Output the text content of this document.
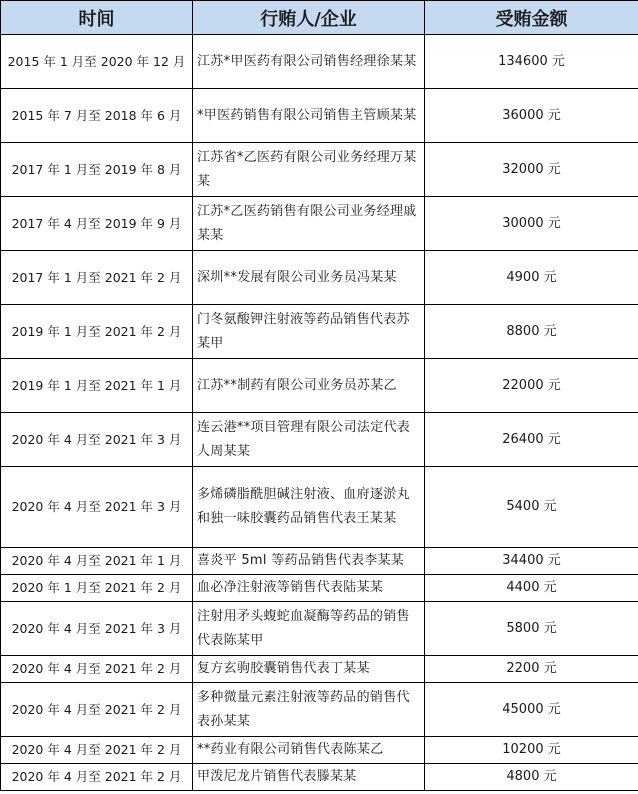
时间	行贿人/企业	受贿金额
2015 年 1 月至 2020 年 12 月	江苏*甲医药有限公司销售经理徐某某	134600 元
2015 年 7 月至 2018 年 6 月	*甲医药销售有限公司销售主管顾某某	36000 元
2017 年 1 月至 2019 年 8 月	江苏省*乙医药有限公司业务经理万某某	32000 元
2017 年 4 月至 2019 年 9 月	江苏*乙医药销售有限公司业务经理戚某某	30000 元
2017 年 1 月至 2021 年 2 月	深圳**发展有限公司业务员冯某某	4900 元
2019 年 1 月至 2021 年 2 月	门冬氨酸钾注射液等药品销售代表苏某甲	8800 元
2019 年 1 月至 2021 年 1 月	江苏**制药有限公司业务员苏某乙	22000 元
2020 年 4 月至 2021 年 3 月	连云港**项目管理有限公司法定代表人周某某	26400 元
2020 年 4 月至 2021 年 3 月	多烯磷脂酰胆碱注射液、血府逐淤丸和独一味胶囊药品销售代表王某某	5400 元
2020 年 4 月至 2021 年 1 月	喜炎平 5ml 等药品销售代表李某某	34400 元
2020 年 1 月至 2021 年 2 月	血必净注射液等销售代表陆某某	4400 元
2020 年 4 月至 2021 年 3 月	注射用矛头蝮蛇血凝酶等药品的销售代表陈某甲	5800 元
2020 年 4 月至 2021 年 2 月	复方玄驹胶囊销售代表丁某某	2200 元
2020 年 4 月至 2021 年 2 月	多种微量元素注射液等药品的销售代表孙某某	45000 元
2020 年 4 月至 2021 年 2 月	**药业有限公司销售代表陈某乙	10200 元
2020 年 4 月至 2021 年 2 月	甲泼尼龙片销售代表滕某某	4800 元
